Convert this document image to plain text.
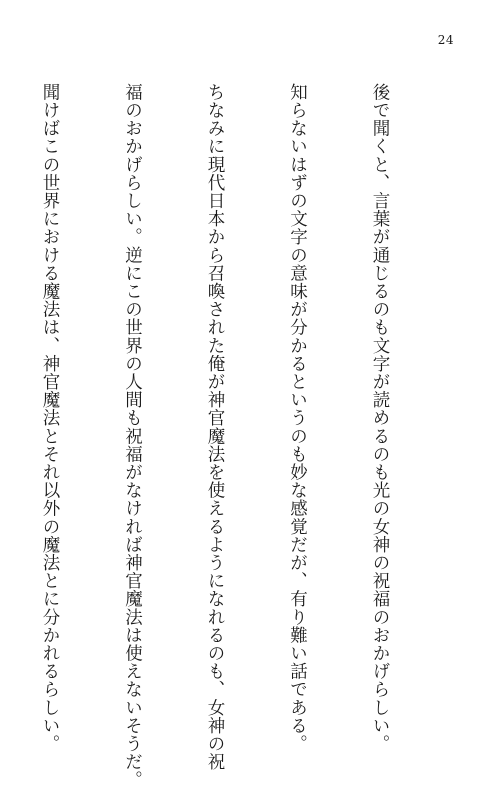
24

後で聞くと、言葉が通じるのも文字が読めるのも光の女神の祝福のおかげらしい。

知らないはずの文字の意味が分かるというのも妙な感覚だが、有り難い話である。

ちなみに現代日本から召喚された俺が神官魔法を使えるようになれるのも、女神の祝

福のおかげらしい。逆にこの世界の人間も祝福がなければ神官魔法は使えないそうだ。

聞けばこの世界における魔法は、神官魔法とそれ以外の魔法とに分かれるらしい。
